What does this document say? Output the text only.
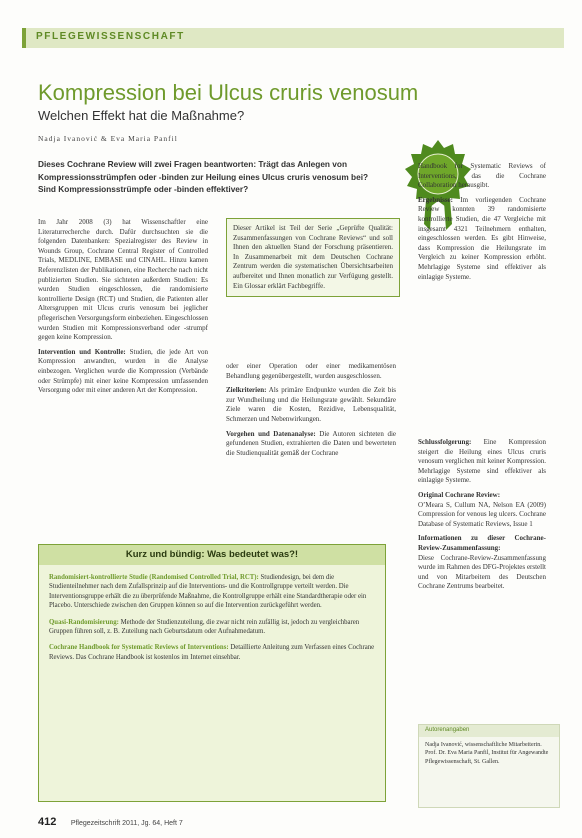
PFLEGEWISSENSCHAFT
Kompression bei Ulcus cruris venosum
Welchen Effekt hat die Maßnahme?
Nadja Ivanović & Eva Maria Panfil
Dieses Cochrane Review will zwei Fragen beantworten: Trägt das Anlegen von Kompressionsstrümpfen oder -binden zur Heilung eines Ulcus cruris venosum bei? Sind Kompressionsstrümpfe oder -binden effektiver?

Im Jahr 2008 (3) hat Wissenschaftler eine Literaturrecherche durch. Dafür durchsuchten sie die folgenden Datenbanken: Spezialregister des Review in Wounds Group, Cochrane Central Register of Controlled Trials, MEDLINE, EMBASE und CINAHL. Hinzu kamen Referenzlisten der Publikationen, eine Recherche nach nicht publizierten Studien. Sie sichteten außerdem Studien: Es wurden Studien eingeschlossen, die randomisierte kontrollierte Design (RCT) und Studien, die Patienten aller Altersgruppen mit Ulcus cruris venosum bei jeglicher pflegerischen Versorgungsform einbeziehen. Eingeschlossen wurden Studien mit Kompressionsverband oder -strumpf gegen keine Kompression.

Intervention und Kontrolle: Studien, die jede Art von Kompression anwandten, wurden in die Analyse einbezogen. Verglichen wurde die Kompression (Verbände oder Strümpfe) mit einer keine Kompression umfassenden Versorgung oder mit einer anderen Art der Kompression.

Dieser Artikel ist Teil der Serie „Geprüfte Qualität: Zusammenfassungen von Cochrane Reviews“ und soll Ihnen den aktuellen Stand der Forschung präsentieren. In Zusammenarbeit mit dem Deutschen Cochrane Zentrum werden die systematischen Übersichtsarbeiten aufbereitet und Ihnen monatlich zur Verfügung gestellt. Ein Glossar erklärt Fachbegriffe.

oder einer Operation oder einer medikamentösen Behandlung gegenübergestellt, wurden ausgeschlossen.

Zielkriterien: Als primäre Endpunkte wurden die Zeit bis zur Wundheilung und die Heilungsrate gewählt. Sekundäre Ziele waren die Kosten, Rezidive, Lebensqualität, Schmerzen und Nebenwirkungen.

Vorgehen und Datenanalyse: Die Autoren sichteten die gefundenen Studien, extrahierten die Daten und bewerteten die Studienqualität gemäß der Cochrane

Handbook for Systematic Reviews of Interventions, das die Cochrane Collaboration herausgibt.

Ergebnisse: Im vorliegenden Cochrane Review konnten 39 randomisierte kontrollierte Studien, die 47 Vergleiche mit insgesamt 4321 Teilnehmern enthalten, eingeschlossen werden. Es gibt Hinweise, dass Kompression die Heilungsrate im Vergleich zu keiner Kompression erhöht. Mehrlagige Systeme sind effektiver als einlagige Systeme.

Schlussfolgerung: Eine Kompression steigert die Heilung eines Ulcus cruris venosum verglichen mit keiner Kompression. Mehrlagige Systeme sind effektiver als einlagige Systeme.

Original Cochrane Review:
O’Meara S, Cullum NA, Nelson EA (2009) Compression for venous leg ulcers. Cochrane Database of Systematic Reviews, Issue 1

Informationen zu dieser Cochrane-Review-Zusammenfassung:
Diese Cochrane-Review-Zusammenfassung wurde im Rahmen des DFG-Projektes erstellt und von Mitarbeitern des Deutschen Cochrane Zentrums bearbeitet.

Kurz und bündig: Was bedeutet was?!

Randomisiert-kontrollierte Studie (Randomised Controlled Trial, RCT): Studiendesign, bei dem die Studienteilnehmer nach dem Zufallsprinzip auf die Interventions- und die Kontrollgruppe verteilt werden. Die Interventionsgruppe erhält die zu überprüfende Maßnahme, die Kontrollgruppe erhält eine Standardtherapie oder ein Placebo. Unterschiede zwischen den Gruppen können so auf die Intervention zurückgeführt werden.

Quasi-Randomisierung: Methode der Studienzuteilung, die zwar nicht rein zufällig ist, jedoch zu vergleichbaren Gruppen führen soll, z. B. Zuteilung nach Geburtsdatum oder Aufnahmedatum.

Cochrane Handbook for Systematic Reviews of Interventions: Detaillierte Anleitung zum Verfassen eines Cochrane Reviews. Das Cochrane Handbook ist kostenlos im Internet einsehbar.

Autorenangaben
Nadja Ivanović, wissenschaftliche Mitarbeiterin. Prof. Dr. Eva Maria Panfil, Institut für Angewandte Pflegewissenschaft, St. Gallen.
412 Pflegezeitschrift 2011, Jg. 64, Heft 7
